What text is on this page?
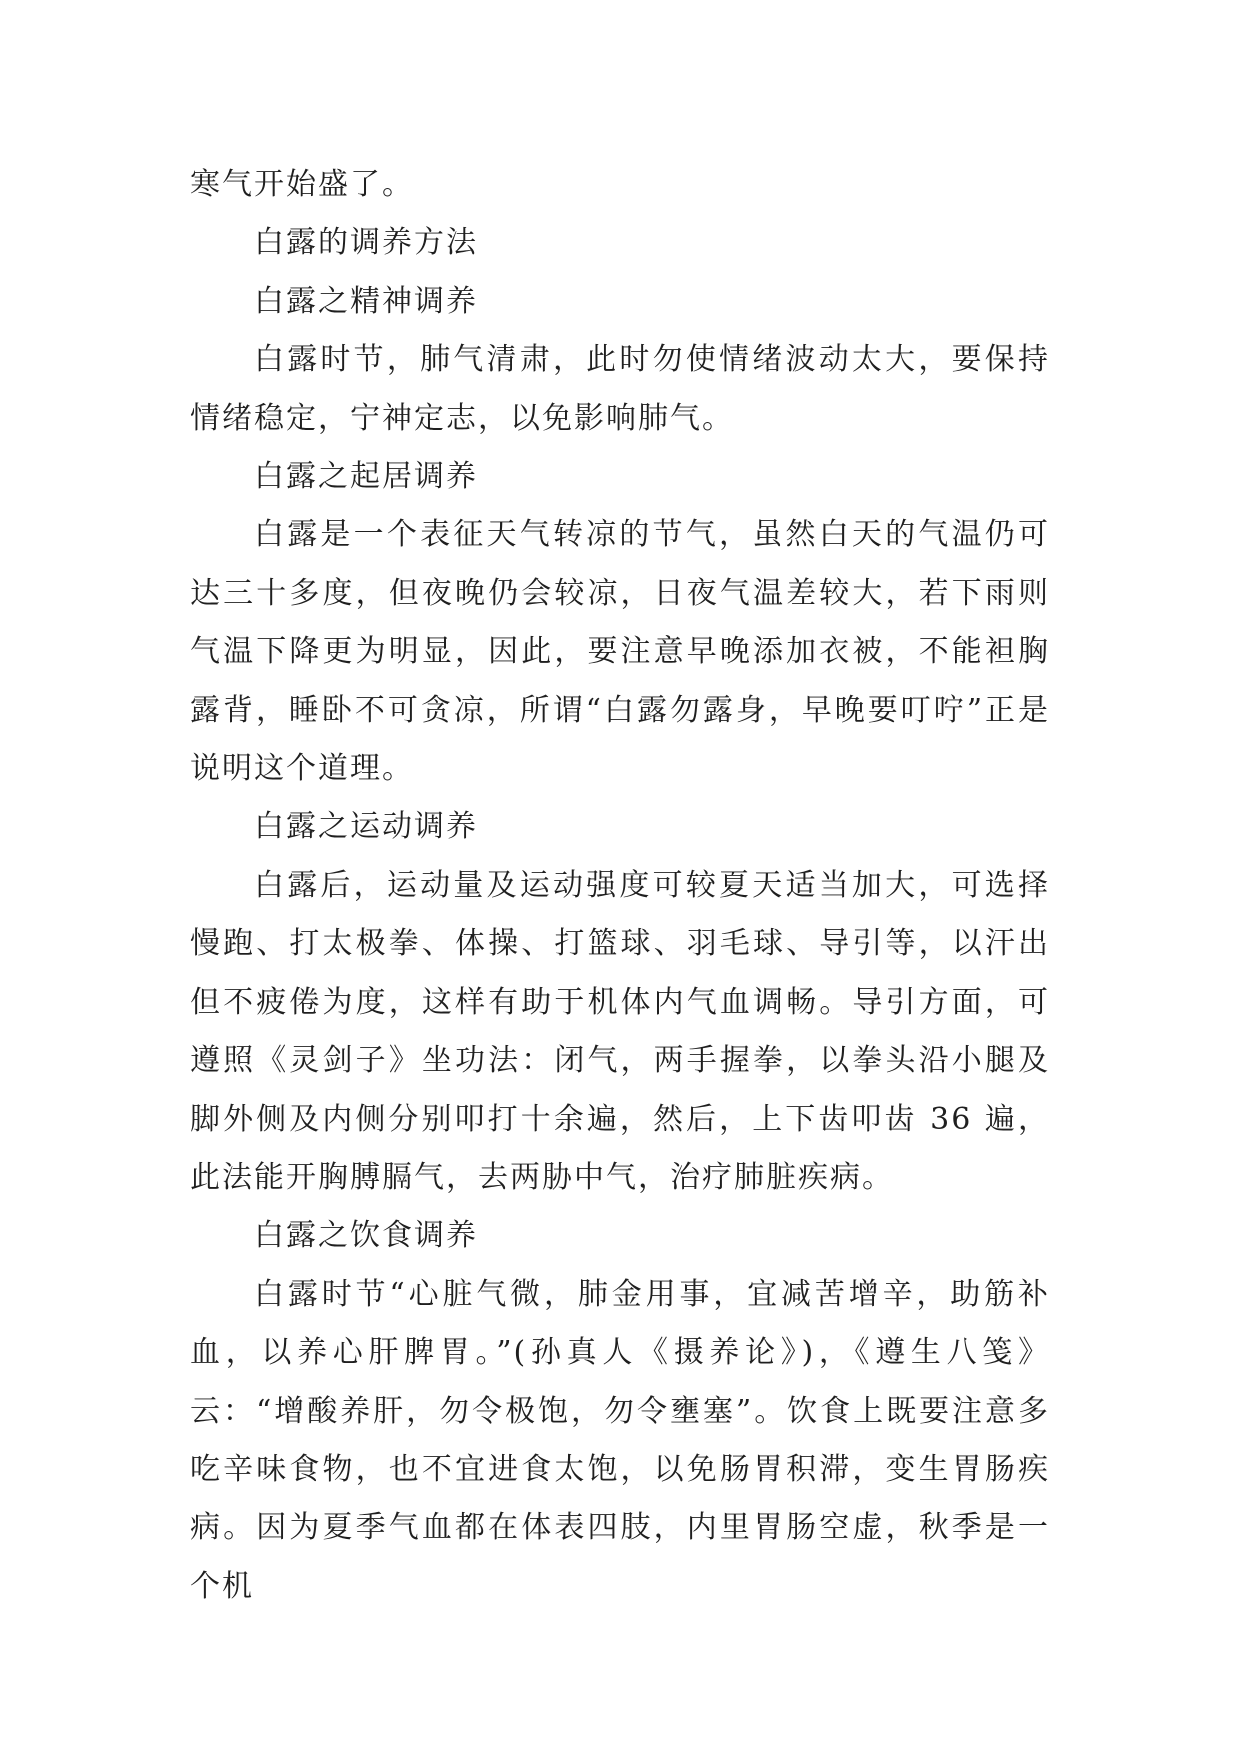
寒气开始盛了。

白露的调养方法

白露之精神调养

白露时节，肺气清肃，此时勿使情绪波动太大，要保持情绪稳定，宁神定志，以免影响肺气。

白露之起居调养

白露是一个表征天气转凉的节气，虽然白天的气温仍可达三十多度，但夜晚仍会较凉，日夜气温差较大，若下雨则气温下降更为明显，因此，要注意早晚添加衣被，不能袒胸露背，睡卧不可贪凉，所谓“白露勿露身，早晚要叮咛”正是说明这个道理。

白露之运动调养

白露后，运动量及运动强度可较夏天适当加大，可选择慢跑、打太极拳、体操、打篮球、羽毛球、导引等，以汗出但不疲倦为度，这样有助于机体内气血调畅。导引方面，可遵照《灵剑子》坐功法：闭气，两手握拳，以拳头沿小腿及脚外侧及内侧分别叩打十余遍，然后，上下齿叩齿 36 遍，此法能开胸膊膈气，去两胁中气，治疗肺脏疾病。

白露之饮食调养

白露时节“心脏气微，肺金用事，宜减苦增辛，助筋补血，以养心肝脾胃。”(孙真人《摄养论》)，《遵生八笺》云：“增酸养肝，勿令极饱，勿令壅塞”。饮食上既要注意多吃辛味食物，也不宜进食太饱，以免肠胃积滞，变生胃肠疾病。因为夏季气血都在体表四肢，内里胃肠空虚，秋季是一个机
